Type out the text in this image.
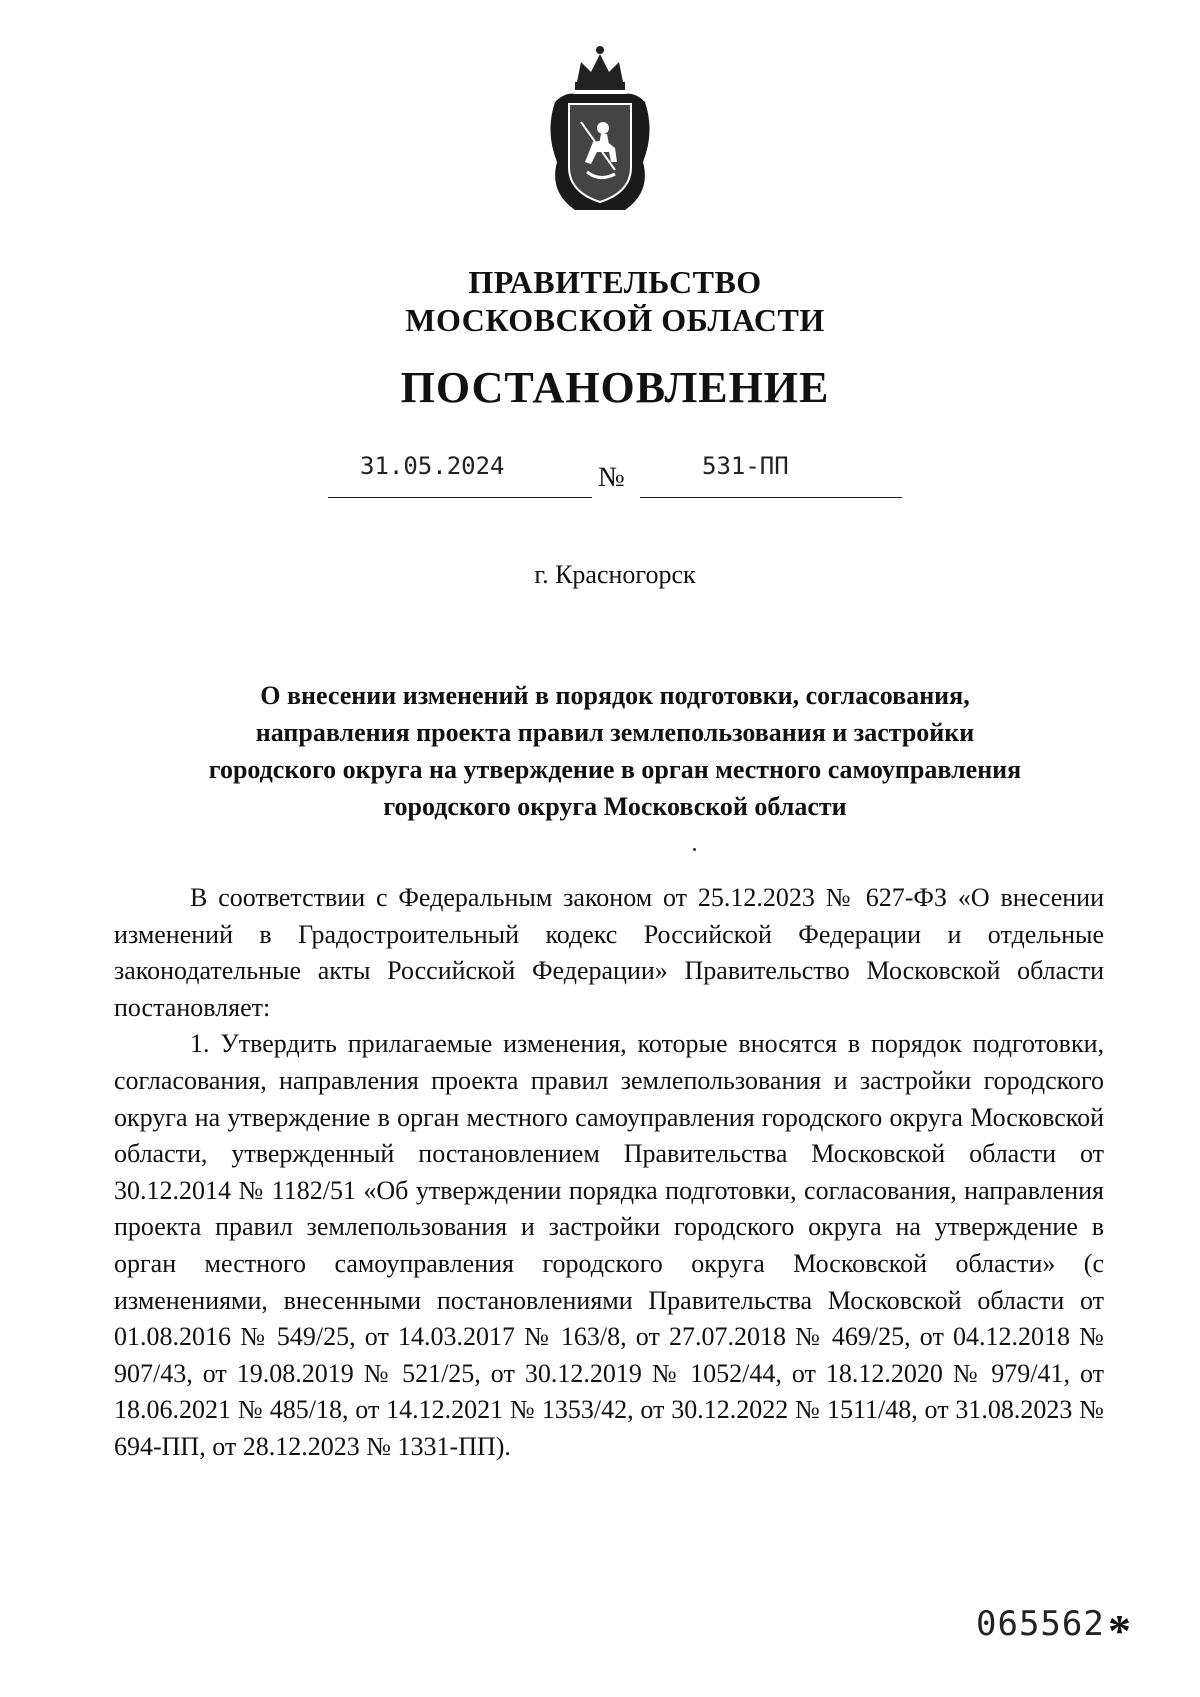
ПРАВИТЕЛЬСТВО
МОСКОВСКОЙ ОБЛАСТИ
ПОСТАНОВЛЕНИЕ
31.05.2024	№	531-ПП
г. Красногорск
О внесении изменений в порядок подготовки, согласования,
направления проекта правил землепользования и застройки
городского округа на утверждение в орган местного самоуправления
городского округа Московской области

В соответствии с Федеральным законом от 25.12.2023 № 627-ФЗ «О внесении изменений в Градостроительный кодекс Российской Федерации и отдельные законодательные акты Российской Федерации» Правительство Московской области постановляет:

1. Утвердить прилагаемые изменения, которые вносятся в порядок подготовки, согласования, направления проекта правил землепользования и застройки городского округа на утверждение в орган местного самоуправления городского округа Московской области, утвержденный постановлением Правительства Московской области от 30.12.2014 № 1182/51 «Об утверждении порядка подготовки, согласования, направления проекта правил землепользования и застройки городского округа на утверждение в орган местного самоуправления городского округа Московской области» (с изменениями, внесенными постановлениями Правительства Московской области от 01.08.2016 № 549/25, от 14.03.2017 № 163/8, от 27.07.2018 № 469/25, от 04.12.2018 № 907/43, от 19.08.2019 № 521/25, от 30.12.2019 № 1052/44, от 18.12.2020 № 979/41, от 18.06.2021 № 485/18, от 14.12.2021 № 1353/42, от 30.12.2022 № 1511/48, от 31.08.2023 № 694-ПП, от 28.12.2023 № 1331-ПП).

065562 *
